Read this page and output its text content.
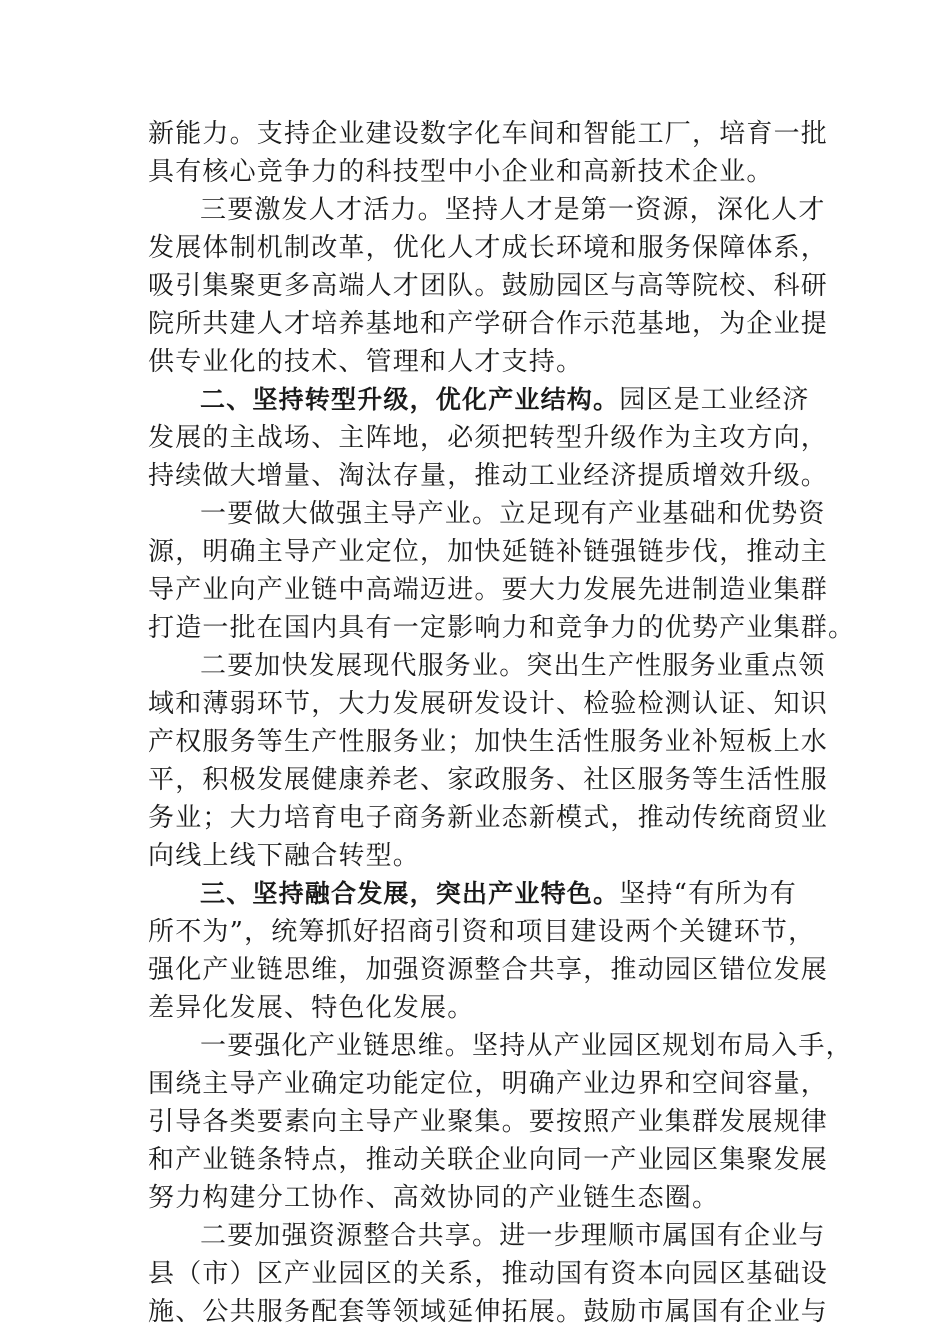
新能力。支持企业建设数字化车间和智能工厂，培育一批
具有核心竞争力的科技型中小企业和高新技术企业。
三要激发人才活力。坚持人才是第一资源，深化人才
发展体制机制改革，优化人才成长环境和服务保障体系，
吸引集聚更多高端人才团队。鼓励园区与高等院校、科研
院所共建人才培养基地和产学研合作示范基地，为企业提
供专业化的技术、管理和人才支持。
二、坚持转型升级，优化产业结构。园区是工业经济
发展的主战场、主阵地，必须把转型升级作为主攻方向，
持续做大增量、淘汰存量，推动工业经济提质增效升级。
一要做大做强主导产业。立足现有产业基础和优势资
源，明确主导产业定位，加快延链补链强链步伐，推动主
导产业向产业链中高端迈进。要大力发展先进制造业集群
打造一批在国内具有一定影响力和竞争力的优势产业集群。
二要加快发展现代服务业。突出生产性服务业重点领
域和薄弱环节，大力发展研发设计、检验检测认证、知识
产权服务等生产性服务业；加快生活性服务业补短板上水
平，积极发展健康养老、家政服务、社区服务等生活性服
务业；大力培育电子商务新业态新模式，推动传统商贸业
向线上线下融合转型。
三、坚持融合发展，突出产业特色。坚持“有所为有
所不为”，统筹抓好招商引资和项目建设两个关键环节，
强化产业链思维，加强资源整合共享，推动园区错位发展
差异化发展、特色化发展。
一要强化产业链思维。坚持从产业园区规划布局入手，
围绕主导产业确定功能定位，明确产业边界和空间容量，
引导各类要素向主导产业聚集。要按照产业集群发展规律
和产业链条特点，推动关联企业向同一产业园区集聚发展
努力构建分工协作、高效协同的产业链生态圈。
二要加强资源整合共享。进一步理顺市属国有企业与
县（市）区产业园区的关系，推动国有资本向园区基础设
施、公共服务配套等领域延伸拓展。鼓励市属国有企业与
